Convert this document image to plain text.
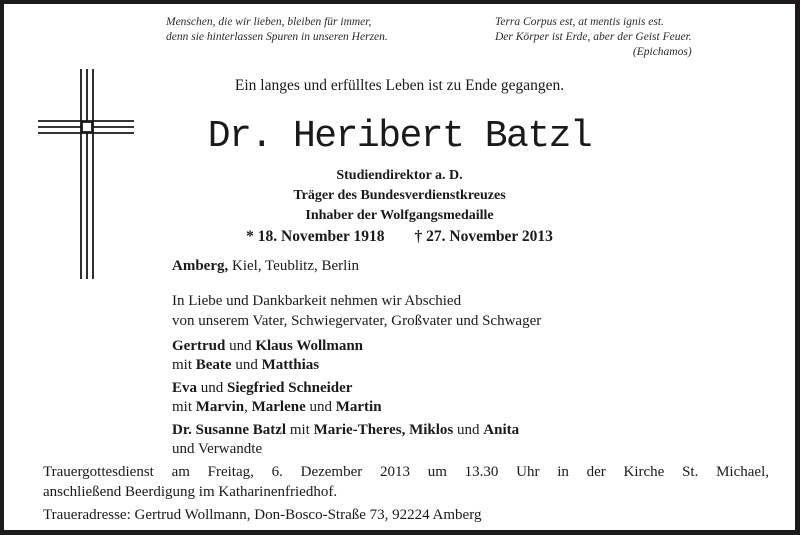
Menschen, die wir lieben, bleiben für immer,
denn sie hinterlassen Spuren in unseren Herzen.
Terra Corpus est, at mentis ignis est.
Der Körper ist Erde, aber der Geist Feuer.
(Epichamos)
Ein langes und erfülltes Leben ist zu Ende gegangen.
Dr. Heribert Batzl
Studiendirektor a. D.
Träger des Bundesverdienstkreuzes
Inhaber der Wolfgangsmedaille
* 18. November 1918 † 27. November 2013
Amberg, Kiel, Teublitz, Berlin
In Liebe und Dankbarkeit nehmen wir Abschied
von unserem Vater, Schwiegervater, Großvater und Schwager
Gertrud und Klaus Wollmann
mit Beate und Matthias
Eva und Siegfried Schneider
mit Marvin, Marlene und Martin
Dr. Susanne Batzl mit Marie-Theres, Miklos und Anita
und Verwandte
Trauergottesdienst am Freitag, 6. Dezember 2013 um 13.30 Uhr in der Kirche St. Michael,
anschließend Beerdigung im Katharinenfriedhof.
Traueradresse: Gertrud Wollmann, Don-Bosco-Straße 73, 92224 Amberg
